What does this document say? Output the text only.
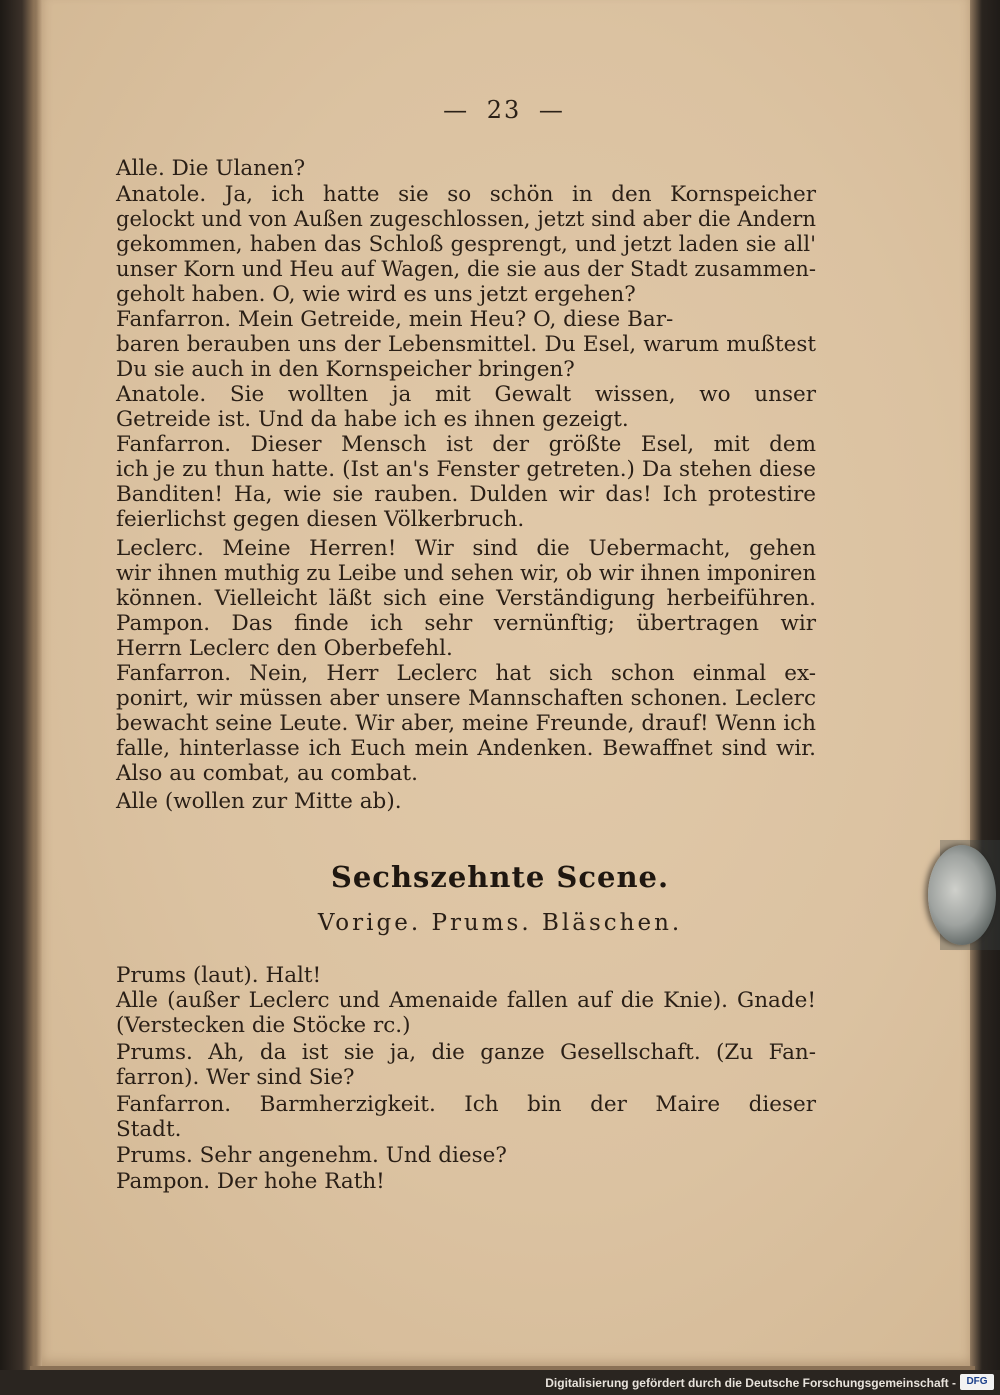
— 23 —
Alle. Die Ulanen?
Anatole. Ja, ich hatte sie so schön in den Kornspeicher
gelockt und von Außen zugeschlossen, jetzt sind aber die Andern
gekommen, haben das Schloß gesprengt, und jetzt laden sie all'
unser Korn und Heu auf Wagen, die sie aus der Stadt zusammen-
geholt haben. O, wie wird es uns jetzt ergehen?
Fanfarron. Mein Getreide, mein Heu? O, diese Bar-
baren berauben uns der Lebensmittel. Du Esel, warum mußtest
Du sie auch in den Kornspeicher bringen?
Anatole. Sie wollten ja mit Gewalt wissen, wo unser
Getreide ist. Und da habe ich es ihnen gezeigt.
Fanfarron. Dieser Mensch ist der größte Esel, mit dem
ich je zu thun hatte. (Ist an's Fenster getreten.) Da stehen diese
Banditen! Ha, wie sie rauben. Dulden wir das! Ich protestire
feierlichst gegen diesen Völkerbruch.
Leclerc. Meine Herren! Wir sind die Uebermacht, gehen
wir ihnen muthig zu Leibe und sehen wir, ob wir ihnen imponiren
können. Vielleicht läßt sich eine Verständigung herbeiführen.
Pampon. Das finde ich sehr vernünftig; übertragen wir
Herrn Leclerc den Oberbefehl.
Fanfarron. Nein, Herr Leclerc hat sich schon einmal ex-
ponirt, wir müssen aber unsere Mannschaften schonen. Leclerc
bewacht seine Leute. Wir aber, meine Freunde, drauf! Wenn ich
falle, hinterlasse ich Euch mein Andenken. Bewaffnet sind wir.
Also au combat, au combat.
Alle (wollen zur Mitte ab).
Prums (laut). Halt!
Alle (außer Leclerc und Amenaide fallen auf die Knie). Gnade!
(Verstecken die Stöcke rc.)
Prums. Ah, da ist sie ja, die ganze Gesellschaft. (Zu Fan-
farron). Wer sind Sie?
Fanfarron. Barmherzigkeit. Ich bin der Maire dieser
Stadt.
Prums. Sehr angenehm. Und diese?
Pampon. Der hohe Rath!
Sechszehnte Scene.
Vorige. Prums. Bläschen.
Digitalisierung gefördert durch die Deutsche Forschungsgemeinschaft -	DFG
